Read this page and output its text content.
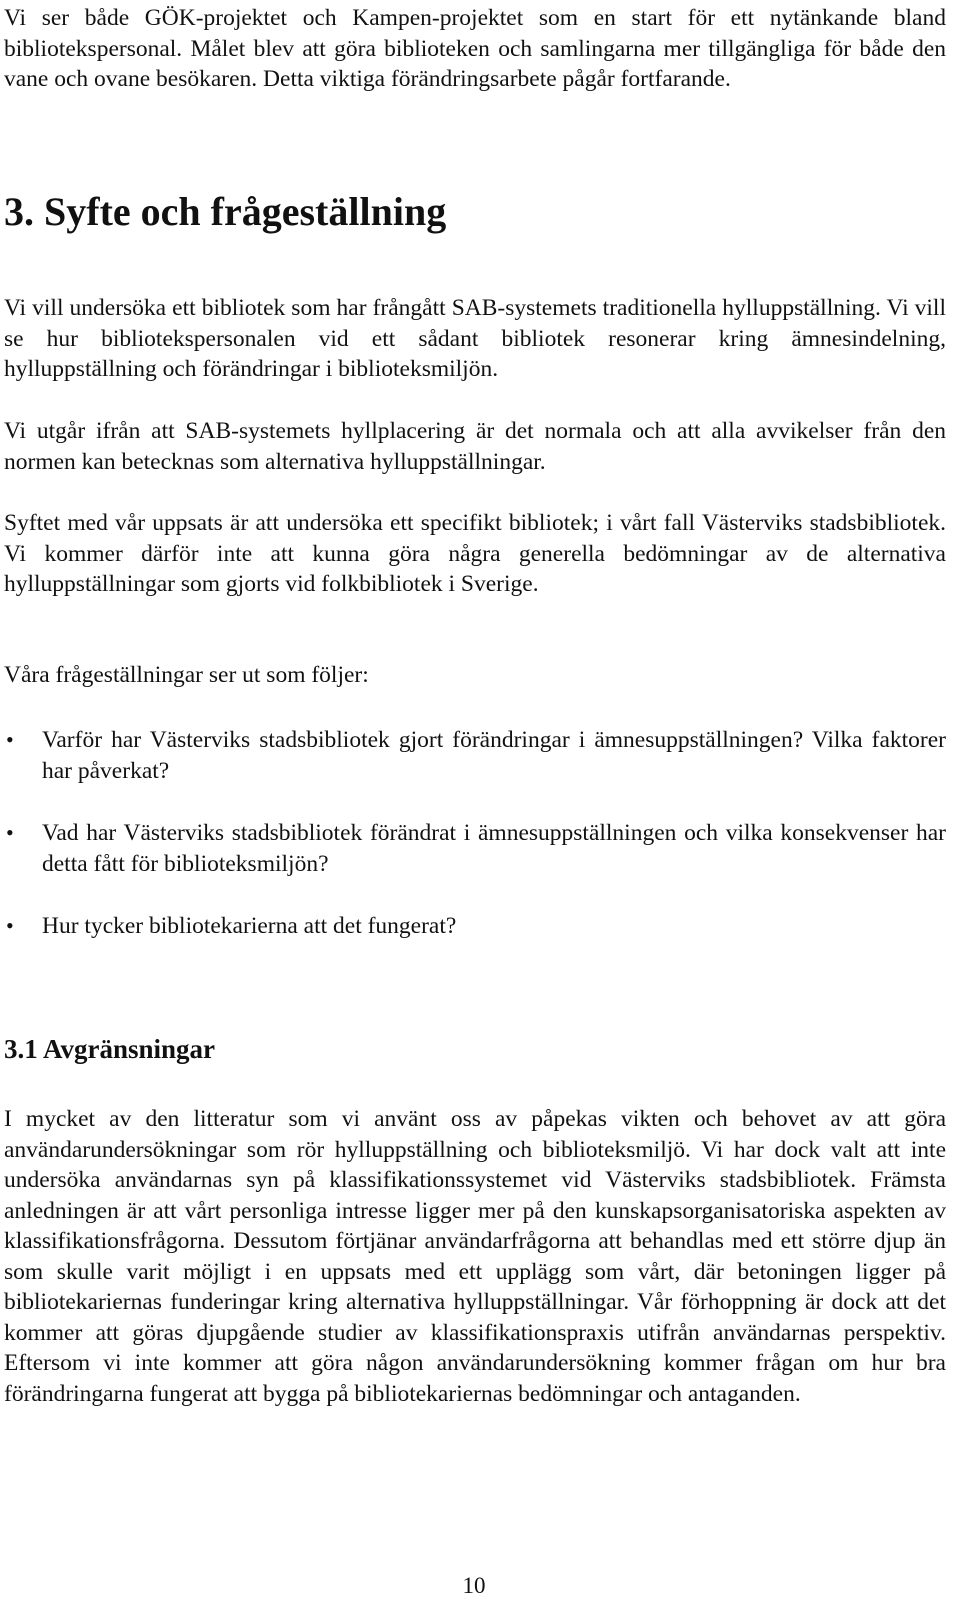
Vi ser både GÖK-projektet och Kampen-projektet som en start för ett nytänkande bland bibliotekspersonal. Målet blev att göra biblioteken och samlingarna mer tillgängliga för både den vane och ovane besökaren. Detta viktiga förändringsarbete pågår fortfarande.

3. Syfte och frågeställning

Vi vill undersöka ett bibliotek som har frångått SAB-systemets traditionella hylluppställning. Vi vill se hur bibliotekspersonalen vid ett sådant bibliotek resonerar kring ämnesindelning, hylluppställning och förändringar i biblioteksmiljön.

Vi utgår ifrån att SAB-systemets hyllplacering är det normala och att alla avvikelser från den normen kan betecknas som alternativa hylluppställningar.

Syftet med vår uppsats är att undersöka ett specifikt bibliotek; i vårt fall Västerviks stadsbibliotek. Vi kommer därför inte att kunna göra några generella bedömningar av de alternativa hylluppställningar som gjorts vid folkbibliotek i Sverige.

Våra frågeställningar ser ut som följer:

• Varför har Västerviks stadsbibliotek gjort förändringar i ämnesuppställningen? Vilka faktorer har påverkat?
• Vad har Västerviks stadsbibliotek förändrat i ämnesuppställningen och vilka konsekvenser har detta fått för biblioteksmiljön?
• Hur tycker bibliotekarierna att det fungerat?
3.1 Avgränsningar

I mycket av den litteratur som vi använt oss av påpekas vikten och behovet av att göra användarundersökningar som rör hylluppställning och biblioteksmiljö. Vi har dock valt att inte undersöka användarnas syn på klassifikationssystemet vid Västerviks stadsbibliotek. Främsta anledningen är att vårt personliga intresse ligger mer på den kunskapsorganisatoriska aspekten av klassifikationsfrågorna. Dessutom förtjänar användarfrågorna att behandlas med ett större djup än som skulle varit möjligt i en uppsats med ett upplägg som vårt, där betoningen ligger på bibliotekariernas funderingar kring alternativa hylluppställningar. Vår förhoppning är dock att det kommer att göras djupgående studier av klassifikationspraxis utifrån användarnas perspektiv. Eftersom vi inte kommer att göra någon användarundersökning kommer frågan om hur bra förändringarna fungerat att bygga på bibliotekariernas bedömningar och antaganden.

10
